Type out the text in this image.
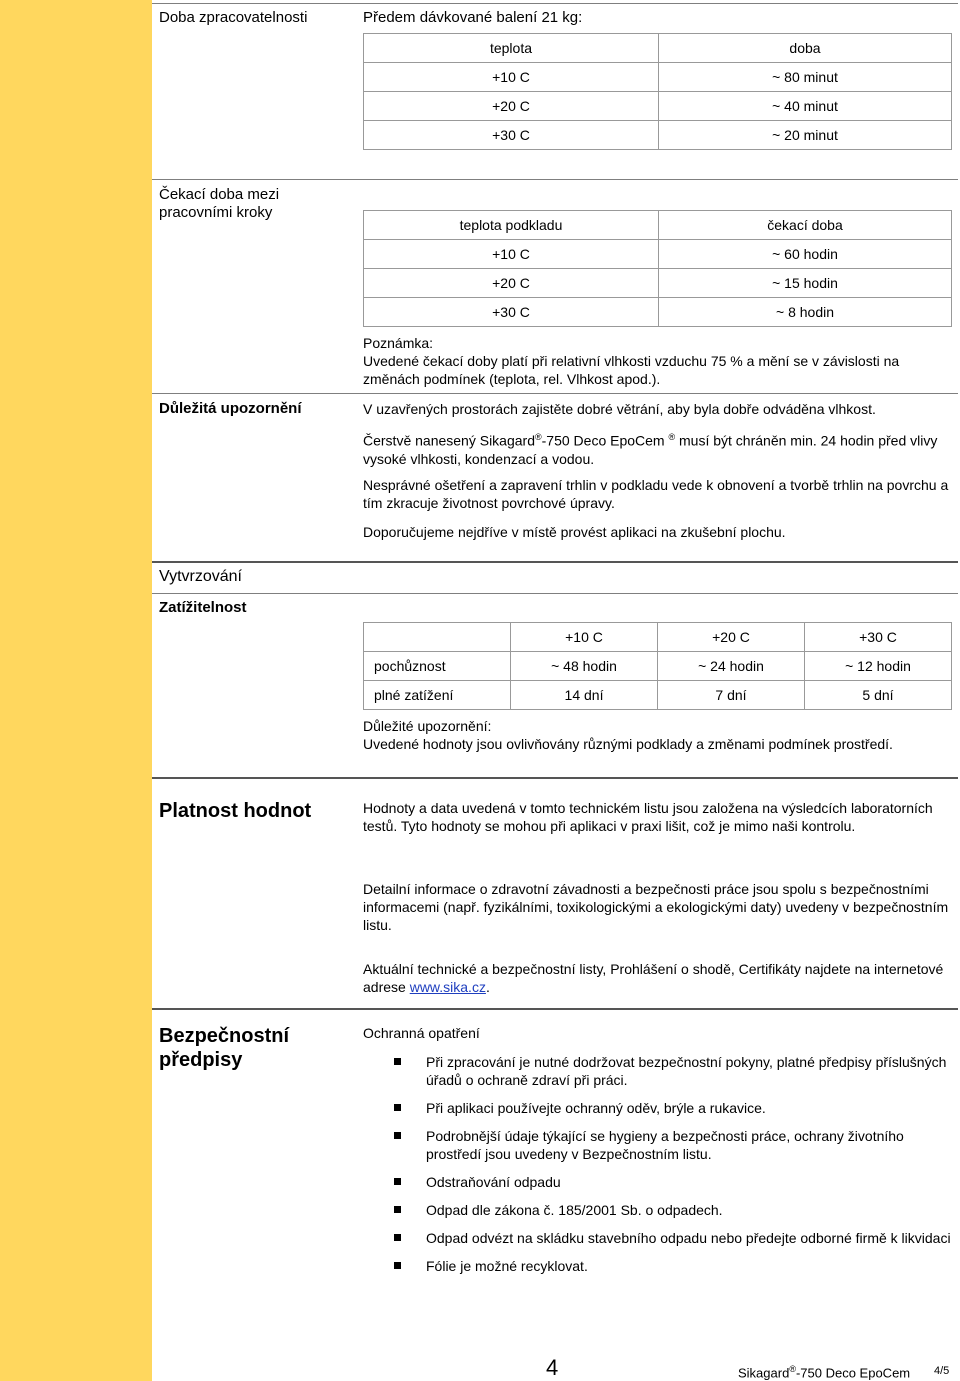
Doba zpracovatelnosti	Předem dávkované balení 21 kg:
teplota	doba
+10 C	~ 80 minut
+20 C	~ 40 minut
+30 C	~ 20 minut
Čekací doba mezi pracovními kroky
teplota podkladu	čekací doba
+10 C	~ 60 hodin
+20 C	~ 15 hodin
+30 C	~ 8 hodin

Poznámka:

Uvedené čekací doby platí při relativní vlhkosti vzduchu 75 % a mění se v závislosti na změnách podmínek (teplota, rel. Vlhkost apod.).

Důležitá upozornění	V uzavřených prostorách zajistěte dobré větrání, aby byla dobře odváděna vlhkost.
Čerstvě nanesený Sikagard®-750 Deco EpoCem ® musí být chráněn min. 24 hodin před vlivy vysoké vlhkosti, kondenzací a vodou.
Nesprávné ošetření a zapravení trhlin v podkladu vede k obnovení a tvorbě trhlin na povrchu a tím zkracuje životnost povrchové úpravy.
Doporučujeme nejdříve v místě provést aplikaci na zkušební plochu.
Vytvrzování
Zatížitelnost
	+10 C	+20 C	+30 C
pochůznost	~ 48 hodin	~ 24 hodin	~ 12 hodin
plné zatížení	14 dní	7 dní	5 dní

Důležité upozornění:

Uvedené hodnoty jsou ovlivňovány různými podklady a změnami podmínek prostředí.

Platnost hodnot	Hodnoty a data uvedená v tomto technickém listu jsou založena na výsledcích laboratorních testů. Tyto hodnoty se mohou při aplikaci v praxi lišit, což je mimo naši kontrolu.
Detailní informace o zdravotní závadnosti a bezpečnosti práce jsou spolu s bezpečnostními informacemi (např. fyzikálními, toxikologickými a ekologickými daty) uvedeny v bezpečnostním listu.
Aktuální technické a bezpečnostní listy, Prohlášení o shodě, Certifikáty najdete na internetové adrese www.sika.cz.
Bezpečnostní předpisy
Ochranná opatření
Při zpracování je nutné dodržovat bezpečnostní pokyny, platné předpisy příslušných úřadů o ochraně zdraví při práci.
Při aplikaci používejte ochranný oděv, brýle a rukavice.
Podrobnější údaje týkající se hygieny a bezpečnosti práce, ochrany životního prostředí jsou uvedeny v Bezpečnostním listu.
Odstraňování odpadu
Odpad dle zákona č. 185/2001 Sb. o odpadech.
Odpad odvézt na skládku stavebního odpadu nebo předejte odborné firmě k likvidaci
Fólie je možné recyklovat.
4	Sikagard®-750 Deco EpoCem 4/5
